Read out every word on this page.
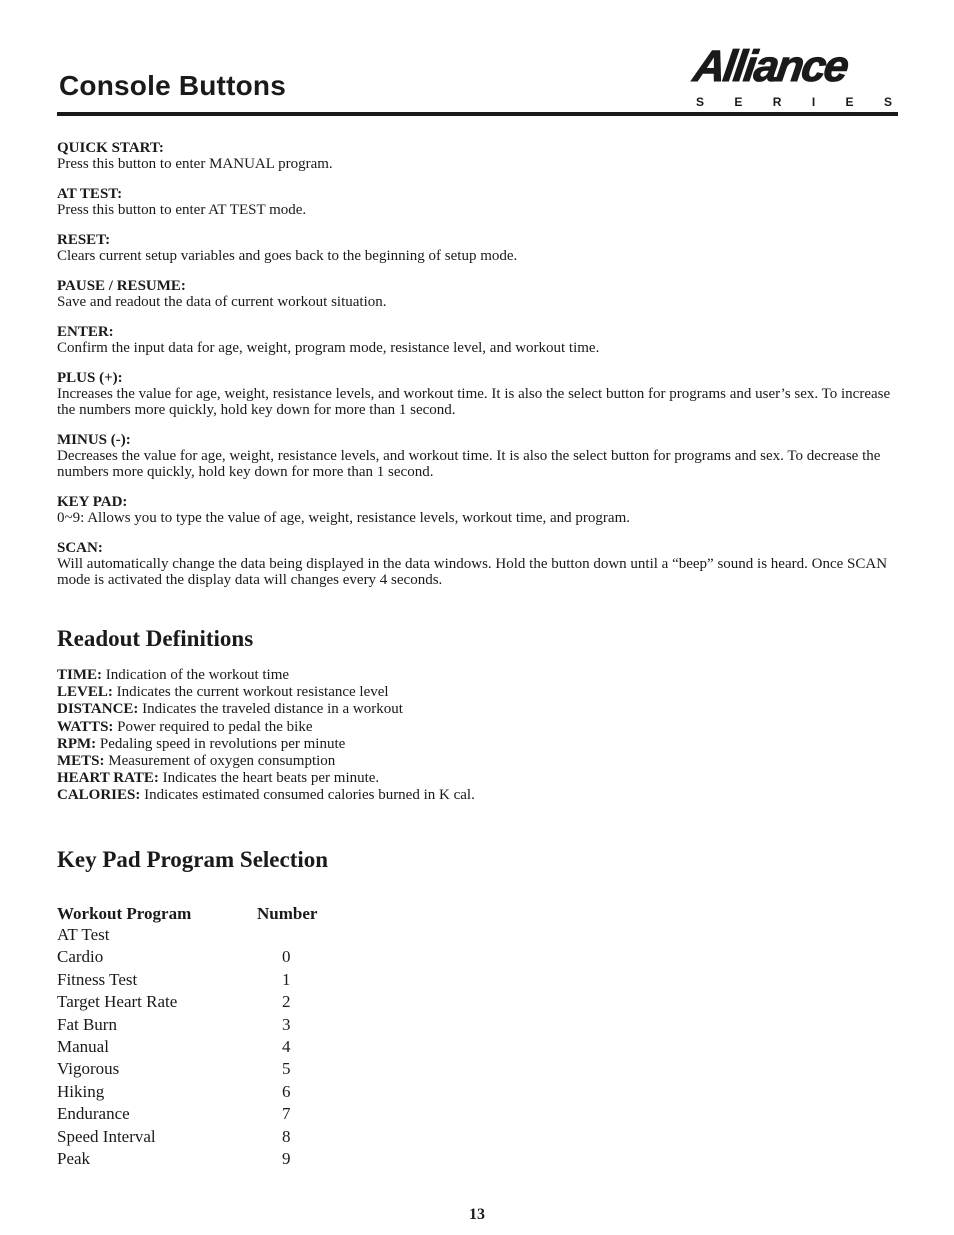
Console Buttons	Alliance
S	E	R	I	E	S
QUICK START:
Press this button to enter MANUAL program.
AT TEST:
Press this button to enter AT TEST mode.
RESET:
Clears current setup variables and goes back to the beginning of setup mode.
PAUSE / RESUME:
Save and readout the data of current workout situation.
ENTER:
Confirm the input data for age, weight, program mode, resistance level, and workout time.
PLUS (+):
Increases the value for age, weight, resistance levels, and workout time. It is also the select button for programs and user’s sex. To increase the numbers more quickly, hold key down for more than 1 second.
MINUS (-):
Decreases the value for age, weight, resistance levels, and workout time. It is also the select button for programs and sex. To decrease the numbers more quickly, hold key down for more than 1 second.
KEY PAD:
0~9: Allows you to type the value of age, weight, resistance levels, workout time, and program.
SCAN:
Will automatically change the data being displayed in the data windows. Hold the button down until a “beep” sound is heard. Once SCAN mode is activated the display data will changes every 4 seconds.
Readout Definitions
TIME: Indication of the workout time
LEVEL: Indicates the current workout resistance level
DISTANCE: Indicates the traveled distance in a workout
WATTS: Power required to pedal the bike
RPM: Pedaling speed in revolutions per minute
METS: Measurement of oxygen consumption
HEART RATE: Indicates the heart beats per minute.
CALORIES: Indicates estimated consumed calories burned in K cal.
Key Pad Program Selection
Workout Program	Number
AT Test	
Cardio	0
Fitness Test	1
Target Heart Rate	2
Fat Burn	3
Manual	4
Vigorous	5
Hiking	6
Endurance	7
Speed Interval	8
Peak	9
13
